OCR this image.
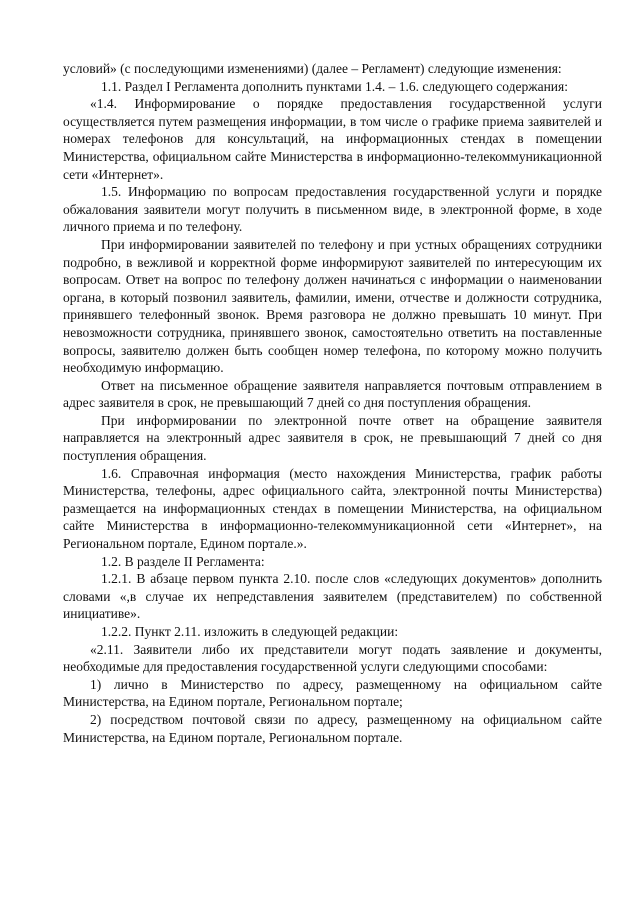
условий» (с последующими изменениями) (далее – Регламент) следующие изменения:

1.1. Раздел I Регламента дополнить пунктами 1.4. – 1.6. следующего содержания:

«1.4. Информирование о порядке предоставления государственной услуги осуществляется путем размещения информации, в том числе о графике приема заявителей и номерах телефонов для консультаций, на информационных стендах в помещении Министерства, официальном сайте Министерства в информационно-телекоммуникационной сети «Интернет».

1.5. Информацию по вопросам предоставления государственной услуги и порядке обжалования заявители могут получить в письменном виде, в электронной форме, в ходе личного приема и по телефону.

При информировании заявителей по телефону и при устных обращениях сотрудники подробно, в вежливой и корректной форме информируют заявителей по интересующим их вопросам. Ответ на вопрос по телефону должен начинаться с информации о наименовании органа, в который позвонил заявитель, фамилии, имени, отчестве и должности сотрудника, принявшего телефонный звонок. Время разговора не должно превышать 10 минут. При невозможности сотрудника, принявшего звонок, самостоятельно ответить на поставленные вопросы, заявителю должен быть сообщен номер телефона, по которому можно получить необходимую информацию.

Ответ на письменное обращение заявителя направляется почтовым отправлением в адрес заявителя в срок, не превышающий 7 дней со дня поступления обращения.

При информировании по электронной почте ответ на обращение заявителя направляется на электронный адрес заявителя в срок, не превышающий 7 дней со дня поступления обращения.

1.6. Справочная информация (место нахождения Министерства, график работы Министерства, телефоны, адрес официального сайта, электронной почты Министерства) размещается на информационных стендах в помещении Министерства, на официальном сайте Министерства в информационно-телекоммуникационной сети «Интернет», на Региональном портале, Едином портале.».

1.2. В разделе II Регламента:

1.2.1. В абзаце первом пункта 2.10. после слов «следующих документов» дополнить словами «,в случае их непредставления заявителем (представителем) по собственной инициативе».

1.2.2. Пункт 2.11. изложить в следующей редакции:

«2.11. Заявители либо их представители могут подать заявление и документы, необходимые для предоставления государственной услуги следующими способами:

1) лично в Министерство по адресу, размещенному на официальном сайте Министерства, на Едином портале, Региональном портале;

2) посредством почтовой связи по адресу, размещенному на официальном сайте Министерства, на Едином портале, Региональном портале.
